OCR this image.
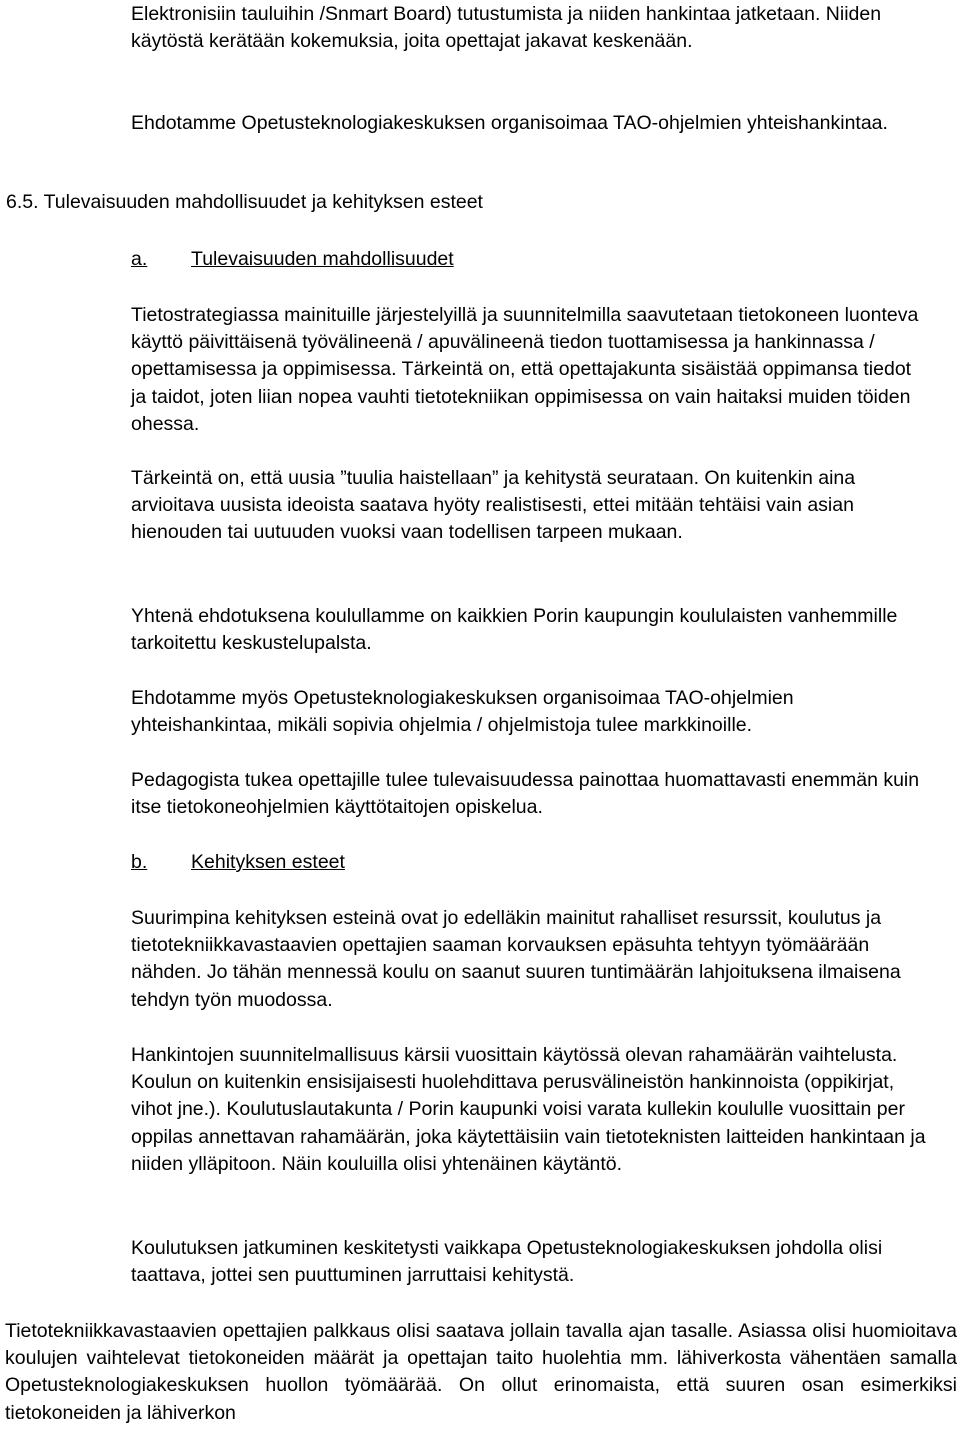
Elektronisiin tauluihin /Snmart Board) tutustumista ja niiden hankintaa jatketaan. Niiden käytöstä kerätään kokemuksia, joita opettajat jakavat keskenään.

Ehdotamme Opetusteknologiakeskuksen organisoimaa TAO-ohjelmien yhteishankintaa.

6.5. Tulevaisuuden mahdollisuudet ja kehityksen esteet

a. Tulevaisuuden mahdollisuudet

Tietostrategiassa mainituille järjestelyillä ja suunnitelmilla saavutetaan tietokoneen luonteva käyttö päivittäisenä työvälineenä / apuvälineenä tiedon tuottamisessa ja hankinnassa / opettamisessa ja oppimisessa. Tärkeintä on, että opettajakunta sisäistää oppimansa tiedot ja taidot, joten liian nopea vauhti tietotekniikan oppimisessa on vain haitaksi muiden töiden ohessa.

Tärkeintä on, että uusia ”tuulia haistellaan” ja kehitystä seurataan. On kuitenkin aina arvioitava uusista ideoista saatava hyöty realistisesti, ettei mitään tehtäisi vain asian hienouden tai uutuuden vuoksi vaan todellisen tarpeen mukaan.

Yhtenä ehdotuksena koulullamme on kaikkien Porin kaupungin koululaisten vanhemmille tarkoitettu keskustelupalsta.

Ehdotamme myös Opetusteknologiakeskuksen organisoimaa TAO-ohjelmien yhteishankintaa, mikäli sopivia ohjelmia / ohjelmistoja tulee markkinoille.

Pedagogista tukea opettajille tulee tulevaisuudessa painottaa huomattavasti enemmän kuin itse tietokoneohjelmien käyttötaitojen opiskelua.

b. Kehityksen esteet

Suurimpina kehityksen esteinä ovat jo edelläkin mainitut rahalliset resurssit, koulutus ja tietotekniikkavastaavien opettajien saaman korvauksen epäsuhta tehtyyn työmäärään nähden. Jo tähän mennessä koulu on saanut suuren tuntimäärän lahjoituksena ilmaisena tehdyn työn muodossa.

Hankintojen suunnitelmallisuus kärsii vuosittain käytössä olevan rahamäärän vaihtelusta. Koulun on kuitenkin ensisijaisesti huolehdittava perusvälineistön hankinnoista (oppikirjat, vihot jne.). Koulutuslautakunta / Porin kaupunki voisi varata kullekin koululle vuosittain per oppilas annettavan rahamäärän, joka käytettäisiin vain tietoteknisten laitteiden hankintaan ja niiden ylläpitoon. Näin kouluilla olisi yhtenäinen käytäntö.

Koulutuksen jatkuminen keskitetysti vaikkapa Opetusteknologiakeskuksen johdolla olisi taattava, jottei sen puuttuminen jarruttaisi kehitystä.

Tietotekniikkavastaavien opettajien palkkaus olisi saatava jollain tavalla ajan tasalle. Asiassa olisi huomioitava koulujen vaihtelevat tietokoneiden määrät ja opettajan taito huolehtia mm. lähiverkosta vähentäen samalla Opetusteknologiakeskuksen huollon työmäärää. On ollut erinomaista, että suuren osan esimerkiksi tietokoneiden ja lähiverkon
